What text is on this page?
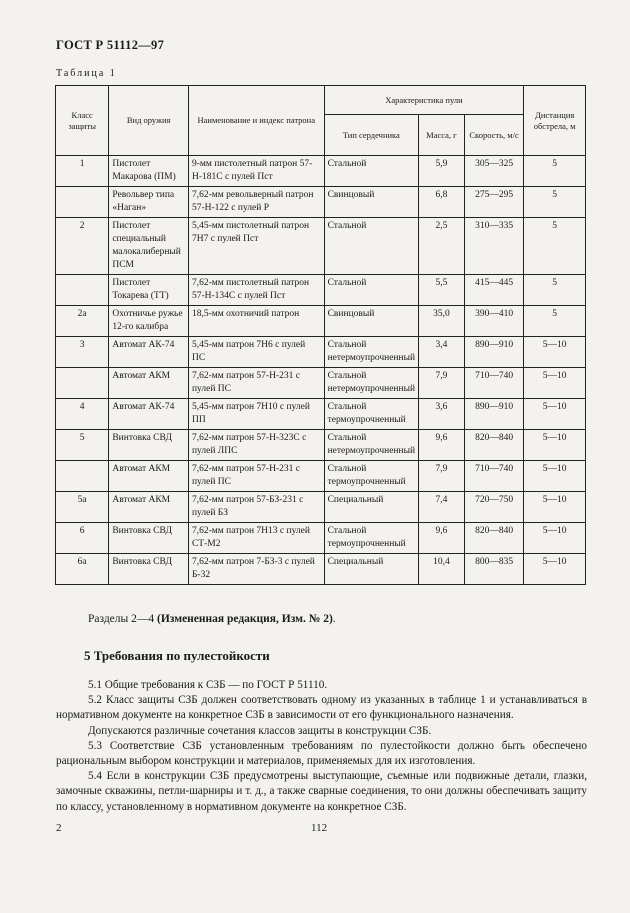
ГОСТ Р 51112—97
Таблица 1
Класс защиты	Вид оружия	Наименование и индекс патрона	Характеристика пули			Дистанция обстрела, м
			Тип сердечника	Масса, г	Скорость, м/с	
1	Пистолет Макарова (ПМ)	9-мм пистолетный патрон 57-Н-181С с пулей Пст	Стальной	5,9	305—325	5
	Револьвер типа «Наган»	7,62-мм револьверный патрон 57-Н-122 с пулей Р	Свинцовый	6,8	275—295	5
2	Пистолет специальный малокалиберный ПСМ	5,45-мм пистолетный патрон 7Н7 с пулей Пст	Стальной	2,5	310—335	5
	Пистолет Токарева (ТТ)	7,62-мм пистолетный патрон 57-Н-134С с пулей Пст	Стальной	5,5	415—445	5
2а	Охотничье ружье 12-го калибра	18,5-мм охотничий патрон	Свинцовый	35,0	390—410	5
3	Автомат АК-74	5,45-мм патрон 7Н6 с пулей ПС	Стальной нетермоупрочненный	3,4	890—910	5—10
	Автомат АКМ	7,62-мм патрон 57-Н-231 с пулей ПС	Стальной нетермоупрочненный	7,9	710—740	5—10
4	Автомат АК-74	5,45-мм патрон 7Н10 с пулей ПП	Стальной термоупрочненный	3,6	890—910	5—10
5	Винтовка СВД	7,62-мм патрон 57-Н-323С с пулей ЛПС	Стальной нетермоупрочненный	9,6	820—840	5—10
	Автомат АКМ	7,62-мм патрон 57-Н-231 с пулей ПС	Стальной термоупрочненный	7,9	710—740	5—10
5а	Автомат АКМ	7,62-мм патрон 57-БЗ-231 с пулей БЗ	Специальный	7,4	720—750	5—10
6	Винтовка СВД	7,62-мм патрон 7Н13 с пулей СТ-М2	Стальной термоупрочненный	9,6	820—840	5—10
6а	Винтовка СВД	7,62-мм патрон 7-БЗ-3 с пулей Б-32	Специальный	10,4	800—835	5—10
Разделы 2—4 (Измененная редакция, Изм. № 2).
5 Требования по пулестойкости

5.1 Общие требования к СЗБ — по ГОСТ Р 51110.

5.2 Класс защиты СЗБ должен соответствовать одному из указанных в таблице 1 и устанавливаться в нормативном документе на конкретное СЗБ в зависимости от его функционального назначения.

Допускаются различные сочетания классов защиты в конструкции СЗБ.

5.3 Соответствие СЗБ установленным требованиям по пулестойкости должно быть обеспечено рациональным выбором конструкции и материалов, применяемых для их изготовления.

5.4 Если в конструкции СЗБ предусмотрены выступающие, съемные или подвижные детали, глазки, замочные скважины, петли-шарниры и т. д., а также сварные соединения, то они должны обеспечивать защиту по классу, установленному в нормативном документе на конкретное СЗБ.

2	112
